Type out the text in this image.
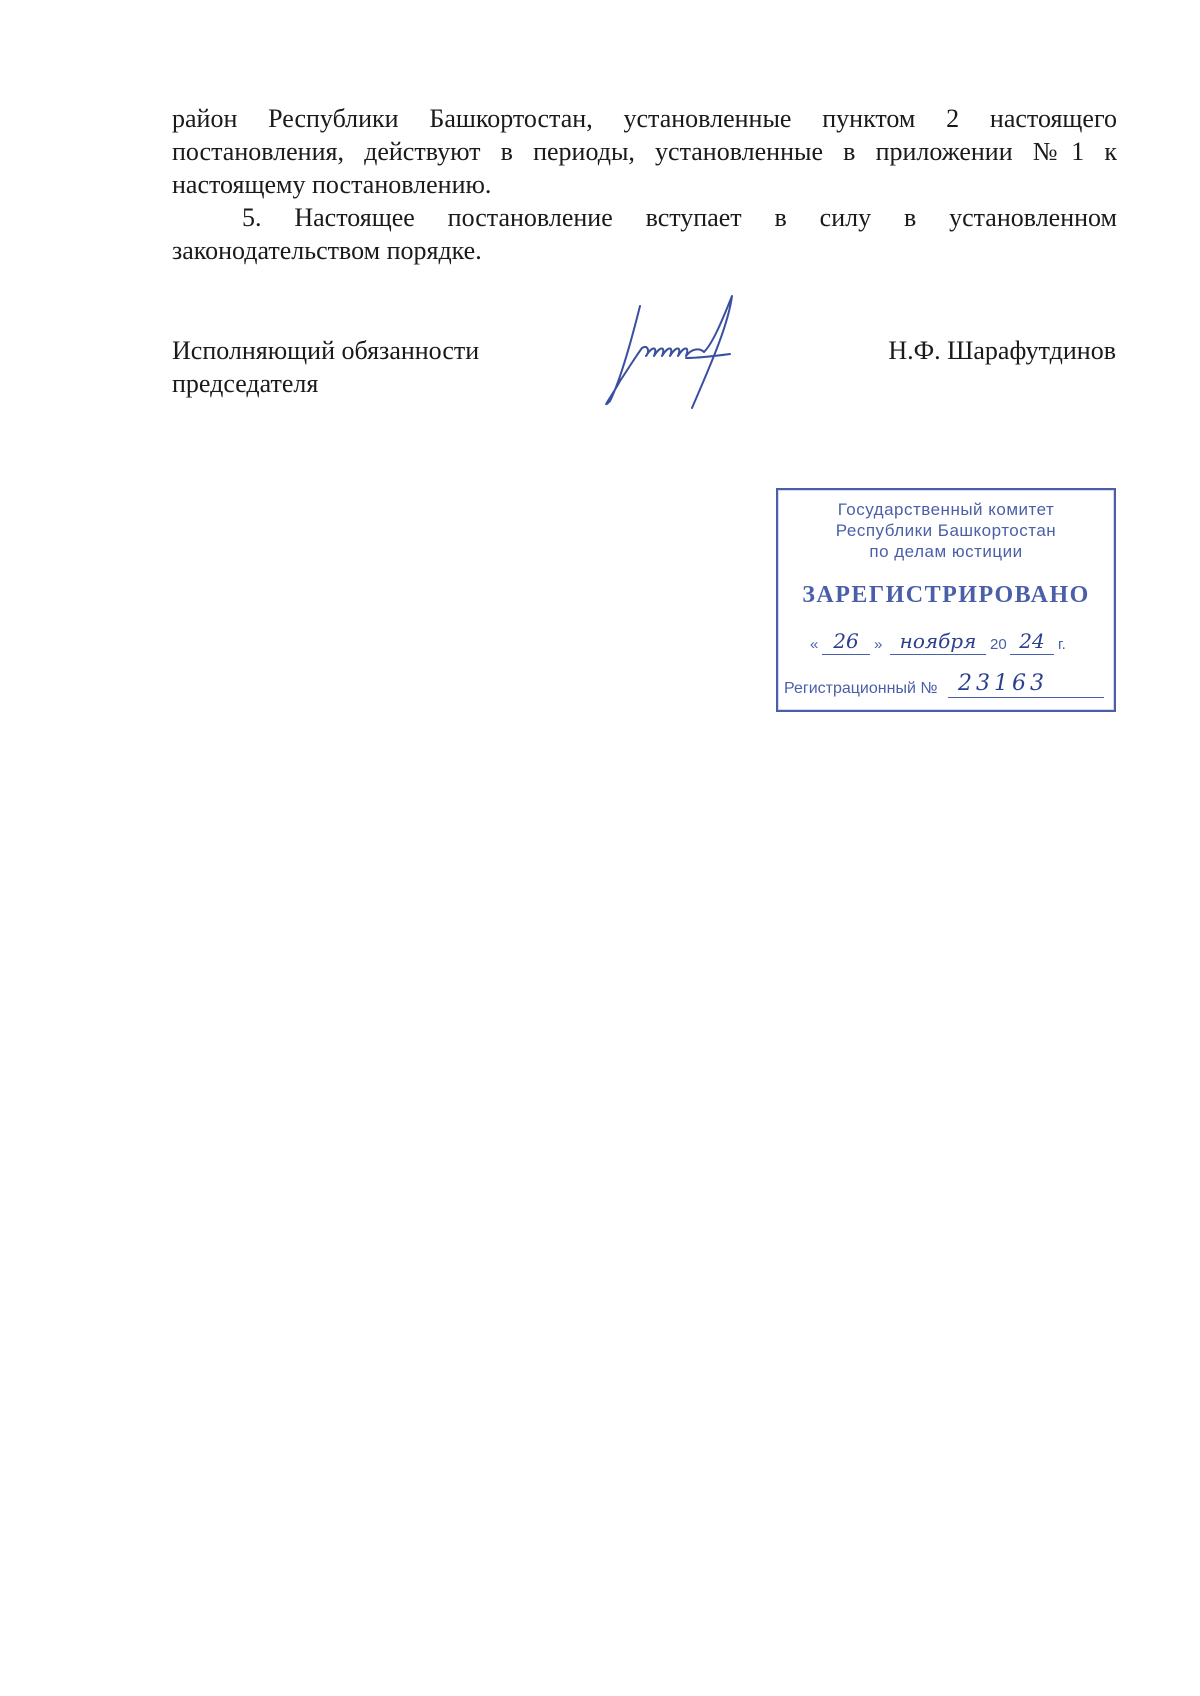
район Республики Башкортостан, установленные пунктом 2 настоящего постановления, действуют в периоды, установленные в приложении №1 к настоящему постановлению.
5. Настоящее постановление вступает в силу в установленном законодательством порядке.
Исполняющий обязанности
председателя
Н.Ф. Шарафутдинов
Государственный комитет
Республики Башкортостан
по делам юстиции
ЗАРЕГИСТРИРОВАНО
« 26	» ноября 20 24 г.
Регистрационный № 23163
